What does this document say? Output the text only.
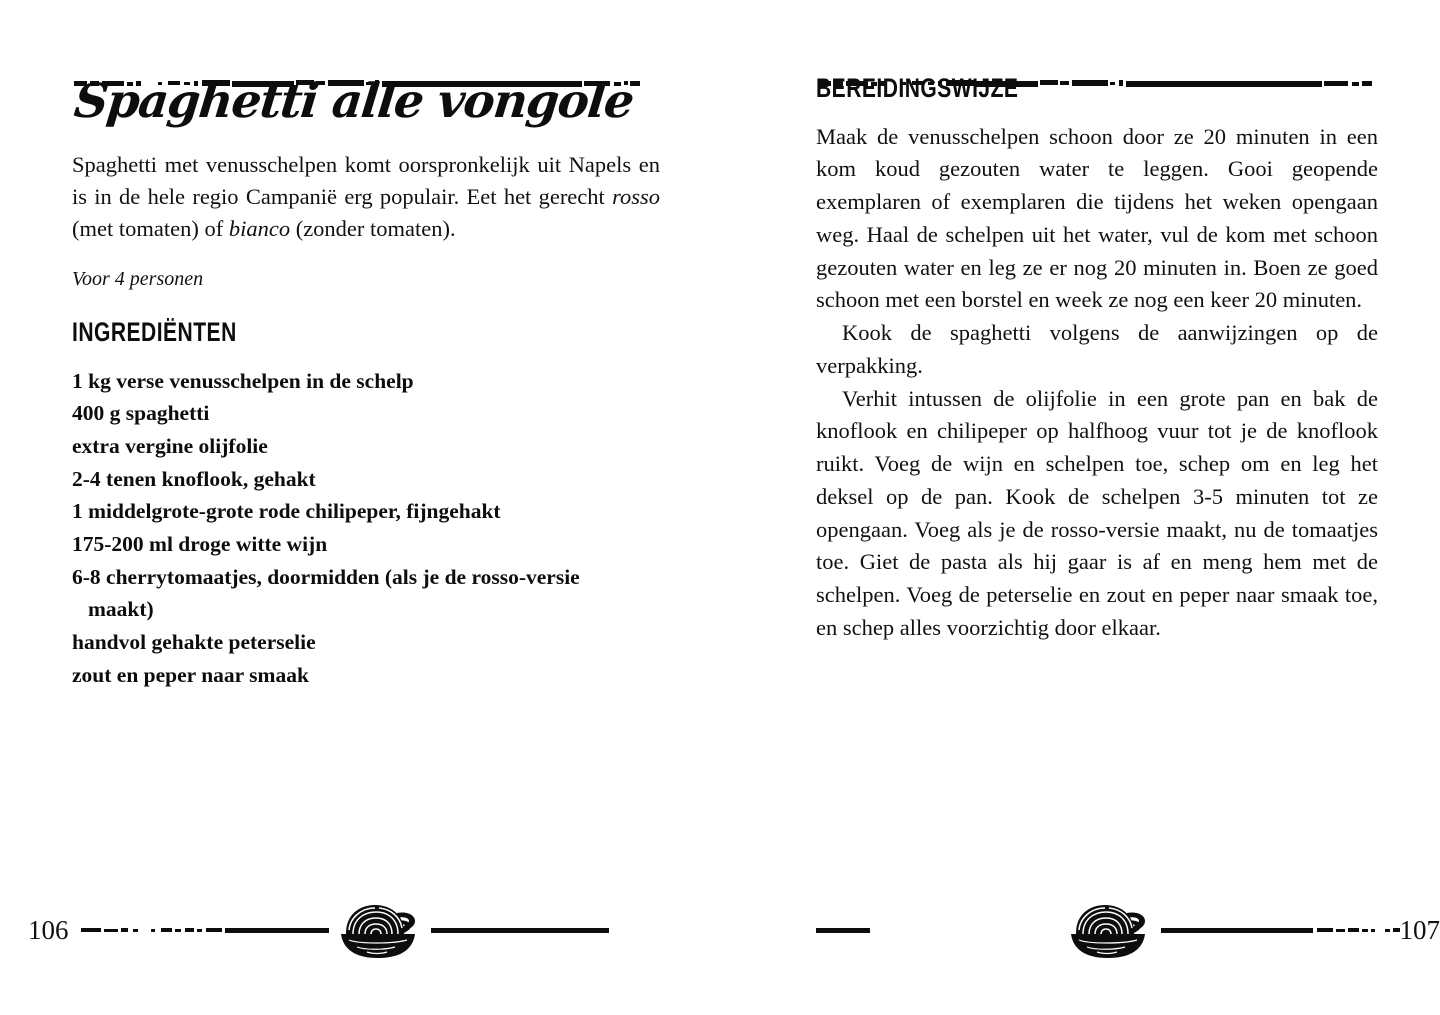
Spaghetti alle vongole

Spaghetti met venusschelpen komt oorspronkelijk uit Napels en is in de hele regio Campanië erg populair. Eet het gerecht rosso (met tomaten) of bianco (zonder tomaten).

Voor 4 personen

INGREDIËNTEN
1 kg verse venusschelpen in de schelp
400 g spaghetti
extra vergine olijfolie
2-4 tenen knoflook, gehakt
1 middelgrote-grote rode chilipeper, fijngehakt
175-200 ml droge witte wijn
6-8 cherrytomaatjes, doormidden (als je de rosso-versie maakt)
handvol gehakte peterselie
zout en peper naar smaak
106
BEREIDINGSWIJZE

Maak de venusschelpen schoon door ze 20 minuten in een kom koud gezouten water te leggen. Gooi geopende exemplaren of exemplaren die tijdens het weken opengaan weg. Haal de schelpen uit het water, vul de kom met schoon gezouten water en leg ze er nog 20 minuten in. Boen ze goed schoon met een borstel en week ze nog een keer 20 minuten.

Kook de spaghetti volgens de aanwijzingen op de verpakking.

Verhit intussen de olijfolie in een grote pan en bak de knoflook en chilipeper op halfhoog vuur tot je de knoflook ruikt. Voeg de wijn en schelpen toe, schep om en leg het deksel op de pan. Kook de schelpen 3-5 minuten tot ze opengaan. Voeg als je de rosso-versie maakt, nu de tomaatjes toe. Giet de pasta als hij gaar is af en meng hem met de schelpen. Voeg de peterselie en zout en peper naar smaak toe, en schep alles voorzichtig door elkaar.

107
